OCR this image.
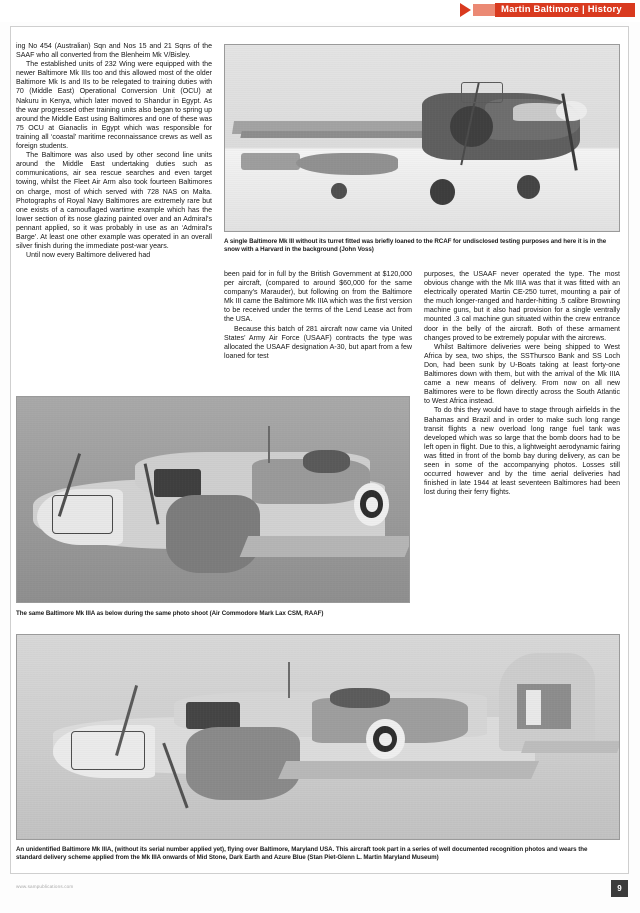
Martin Baltimore | History
A single Baltimore Mk III without its turret fitted was briefly loaned to the RCAF for undisclosed testing purposes and here it is in the snow with a Harvard in the background (John Voss)
The same Baltimore Mk IIIA as below during the same photo shoot (Air Commodore Mark Lax CSM, RAAF)
An unidentified Baltimore Mk IIIA, (without its serial number applied yet), flying over Baltimore, Maryland USA. This aircraft took part in a series of well documented recognition photos and wears the standard delivery scheme applied from the Mk IIIA onwards of Mid Stone, Dark Earth and Azure Blue (Stan Piet-Glenn L. Martin Maryland Museum)

ing No 454 (Australian) Sqn and Nos 15 and 21 Sqns of the SAAF who all converted from the Blenheim Mk V/Bisley.

The established units of 232 Wing were equipped with the newer Baltimore Mk IIIs too and this allowed most of the older Baltimore Mk Is and IIs to be relegated to training duties with 70 (Middle East) Operational Conversion Unit (OCU) at Nakuru in Kenya, which later moved to Shandur in Egypt. As the war progressed other training units also began to spring up around the Middle East using Baltimores and one of these was 75 OCU at Gianaclis in Egypt which was responsible for training all ‘coastal’ maritime reconnaissance crews as well as foreign students.

The Baltimore was also used by other second line units around the Middle East undertaking duties such as communications, air sea rescue searches and even target towing, whilst the Fleet Air Arm also took fourteen Baltimores on charge, most of which served with 728 NAS on Malta. Photographs of Royal Navy Baltimores are extremely rare but one exists of a camouflaged wartime example which has the lower section of its nose glazing painted over and an Admiral’s pennant applied, so it was probably in use as an ‘Admiral’s Barge’. At least one other example was operated in an overall silver finish during the immediate post-war years.

Until now every Baltimore delivered had

been paid for in full by the British Government at $120,000 per aircraft, (compared to around $60,000 for the same company’s Marauder), but following on from the Baltimore Mk III came the Baltimore Mk IIIA which was the first version to be received under the terms of the Lend Lease act from the USA.

Because this batch of 281 aircraft now came via United States’ Army Air Force (USAAF) contracts the type was allocated the USAAF designation A-30, but apart from a few loaned for test

purposes, the USAAF never operated the type. The most obvious change with the Mk IIIA was that it was fitted with an electrically operated Martin CE-250 turret, mounting a pair of the much longer-ranged and harder-hitting .5 calibre Browning machine guns, but it also had provision for a single ventrally mounted .3 cal machine gun situated within the crew entrance door in the belly of the aircraft. Both of these armament changes proved to be extremely popular with the aircrews.

Whilst Baltimore deliveries were being shipped to West Africa by sea, two ships, the SSThursco Bank and SS Loch Don, had been sunk by U-Boats taking at least forty-one Baltimores down with them, but with the arrival of the Mk IIIA came a new means of delivery. From now on all new Baltimores were to be flown directly across the South Atlantic to West Africa instead.

To do this they would have to stage through airfields in the Bahamas and Brazil and in order to make such long range transit flights a new overload long range fuel tank was developed which was so large that the bomb doors had to be left open in flight. Due to this, a lightweight aerodynamic fairing was fitted in front of the bomb bay during delivery, as can be seen in some of the accompanying photos. Losses still occurred however and by the time aerial deliveries had finished in late 1944 at least seventeen Baltimores had been lost during their ferry flights.

www.sampublications.com	9
